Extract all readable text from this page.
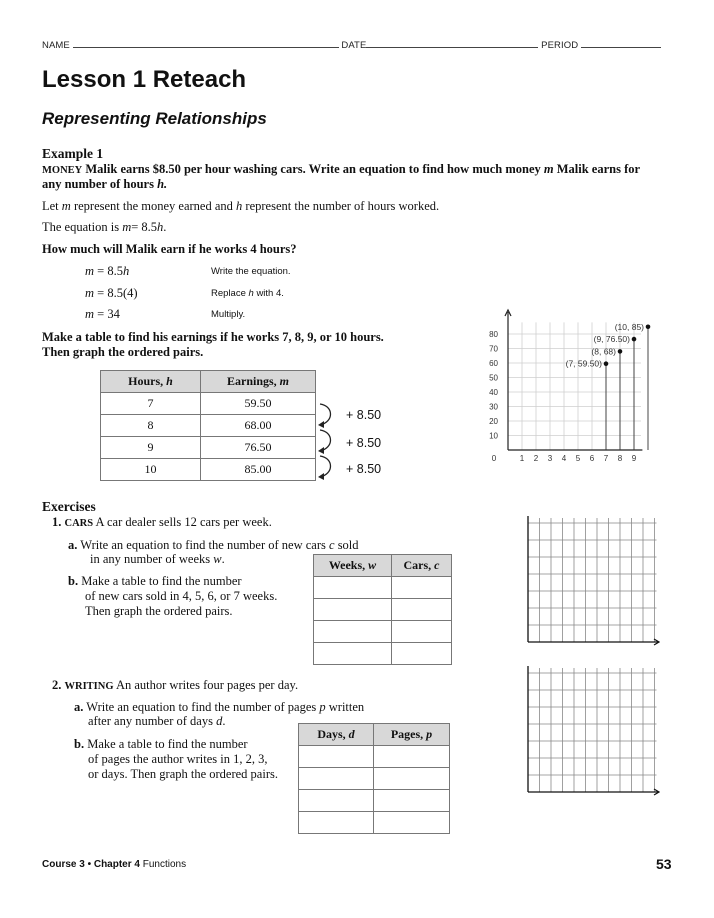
NAME	DATE	PERIOD
Lesson 1 Reteach
Representing Relationships
Example 1
MONEY Malik earns $8.50 per hour washing cars. Write an equation to find how much money m Malik earns for
any number of hours h.
Let m represent the money earned and h represent the number of hours worked.
The equation is m= 8.5h.
How much will Malik earn if he works 4 hours?
m = 8.5h	Write the equation.
m = 8.5(4)	Replace h with 4.
m = 34	Multiply.
Make a table to find his earnings if he works 7, 8, 9, or 10 hours.
Then graph the ordered pairs.
Hours, h	Earnings, m
7	59.50
8	68.00
9	76.50
10	85.00
+ 8.50
+ 8.50
+ 8.50
0	1 2 3 4 5 6 7 8 9
10
20
30
40
50
60
70
80
(7, 59.50)
(8, 68)
(9, 76.50)
(10, 85)
Exercises
1. CARS A car dealer sells 12 cars per week.
a. Write an equation to find the number of new cars c sold
in any number of weeks w.
b. Make a table to find the number
of new cars sold in 4, 5, 6, or 7 weeks.
Then graph the ordered pairs.
Weeks, w	Cars, c

2. WRITING An author writes four pages per day.
a. Write an equation to find the number of pages p written
after any number of days d.
b. Make a table to find the number
of pages the author writes in 1, 2, 3,
or days. Then graph the ordered pairs.
Days, d	Pages, p

Course 3 • Chapter 4 Functions	53
